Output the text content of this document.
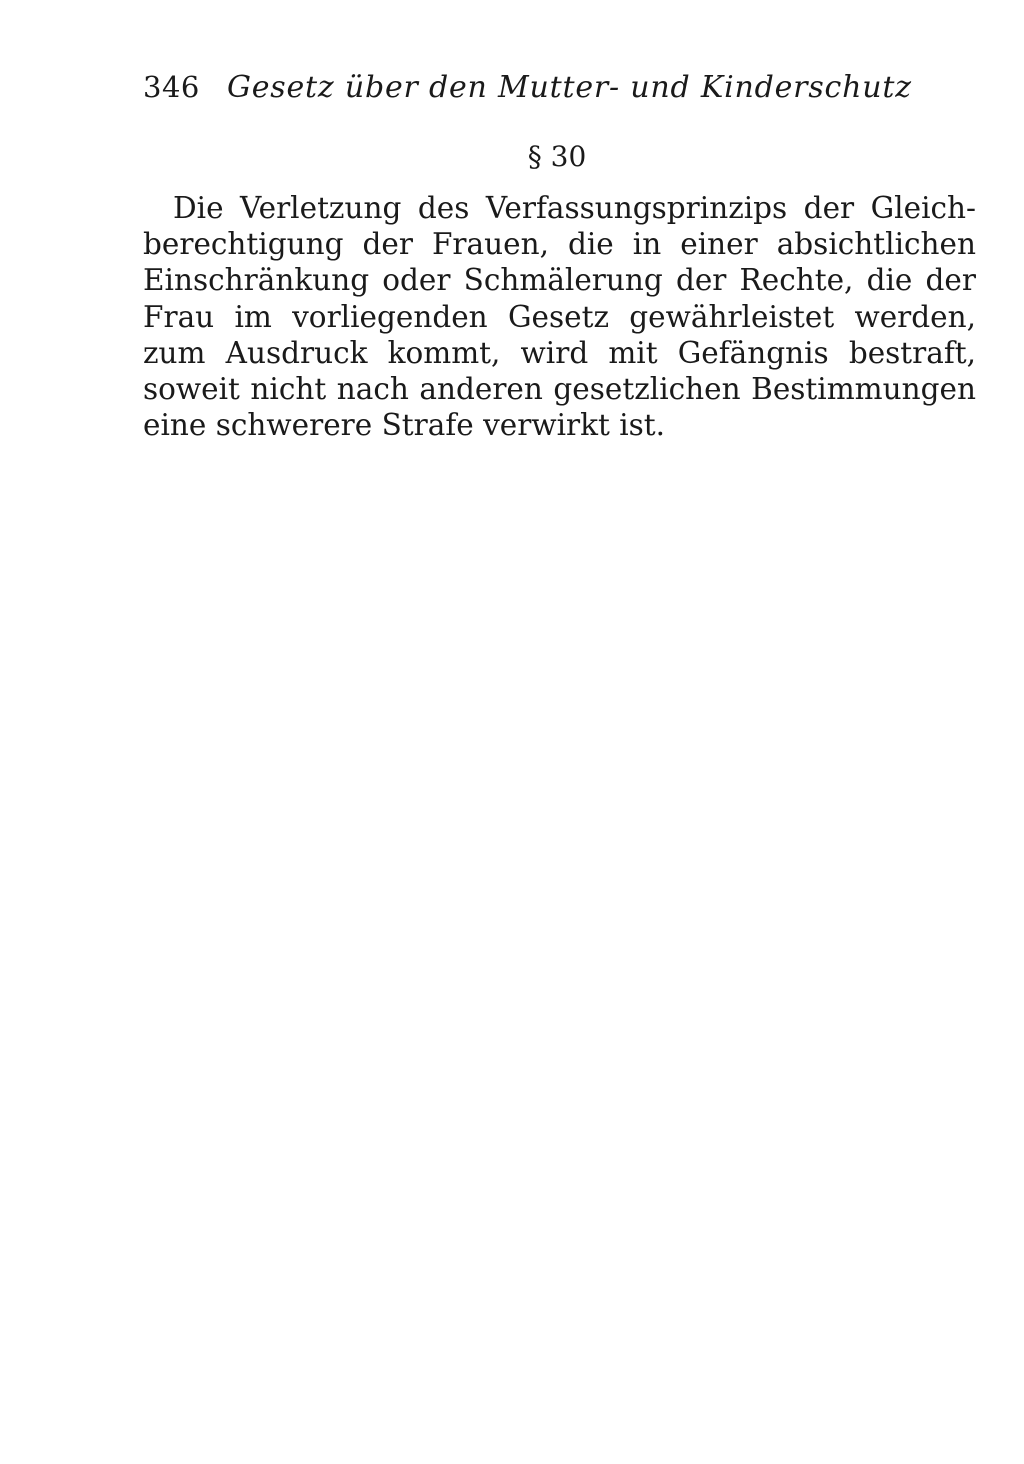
346 Gesetz über den Mutter- und Kinderschutz
§ 30
Die Verletzung des Verfassungsprinzips der Gleich-
berechtigung der Frauen, die in einer absichtlichen
Einschränkung oder Schmälerung der Rechte, die der
Frau im vorliegenden Gesetz gewährleistet werden,
zum Ausdruck kommt, wird mit Gefängnis bestraft,
soweit nicht nach anderen gesetzlichen Bestimmungen
eine schwerere Strafe verwirkt ist.
